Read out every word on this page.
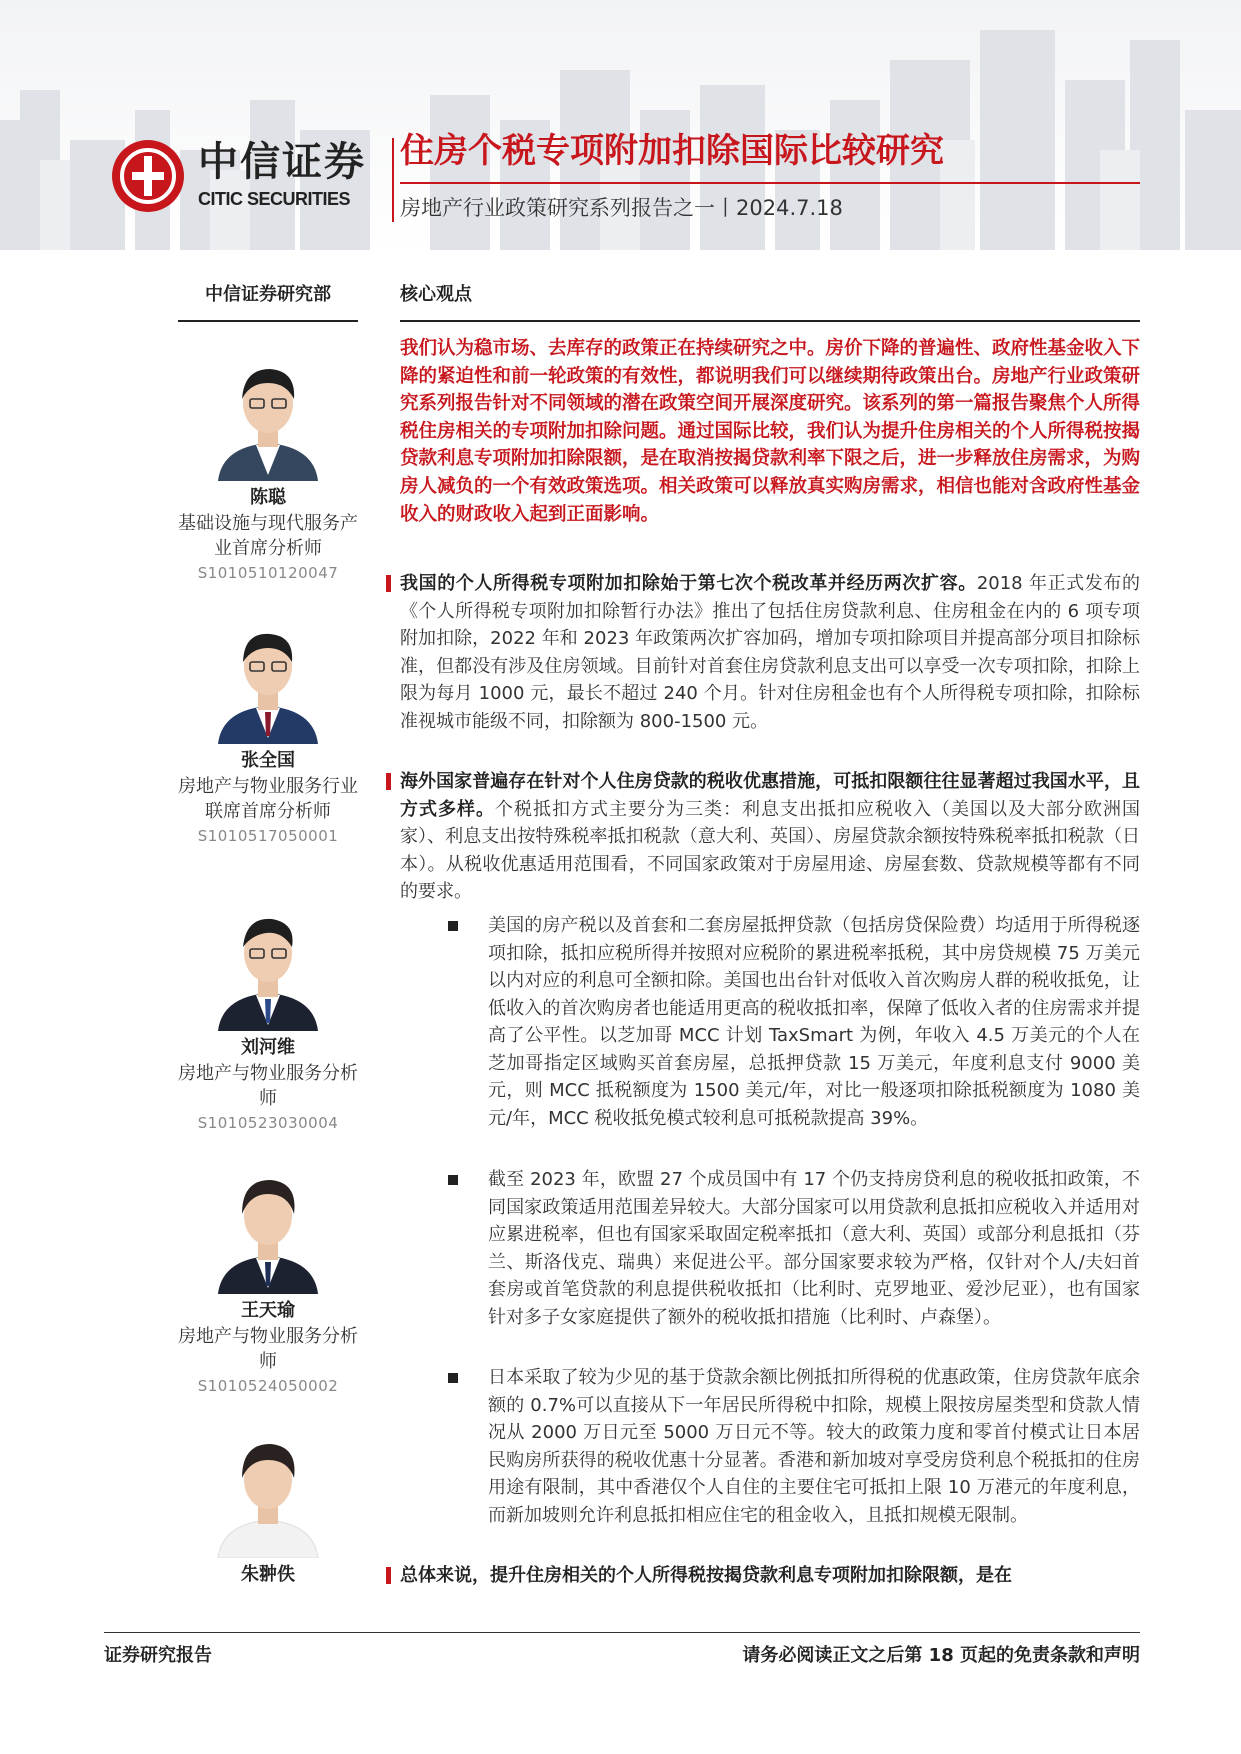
中信证券
CITIC SECURITIES
住房个税专项附加扣除国际比较研究
房地产行业政策研究系列报告之一丨2024.7.18
中信证券研究部	核心观点
陈聪
基础设施与现代服务产业首席分析师
S1010510120047
张全国
房地产与物业服务行业联席首席分析师
S1010517050001
刘河维
房地产与物业服务分析师
S1010523030004
王天瑜
房地产与物业服务分析师
S1010524050002
朱翀佚

我们认为稳市场、去库存的政策正在持续研究之中。房价下降的普遍性、政府性基金收入下降的紧迫性和前一轮政策的有效性，都说明我们可以继续期待政策出台。房地产行业政策研究系列报告针对不同领域的潜在政策空间开展深度研究。该系列的第一篇报告聚焦个人所得税住房相关的专项附加扣除问题。通过国际比较，我们认为提升住房相关的个人所得税按揭贷款利息专项附加扣除限额，是在取消按揭贷款利率下限之后，进一步释放住房需求，为购房人减负的一个有效政策选项。相关政策可以释放真实购房需求，相信也能对含政府性基金收入的财政收入起到正面影响。

我国的个人所得税专项附加扣除始于第七次个税改革并经历两次扩容。2018 年正式发布的《个人所得税专项附加扣除暂行办法》推出了包括住房贷款利息、住房租金在内的 6 项专项附加扣除，2022 年和 2023 年政策两次扩容加码，增加专项扣除项目并提高部分项目扣除标准，但都没有涉及住房领域。目前针对首套住房贷款利息支出可以享受一次专项扣除，扣除上限为每月 1000 元，最长不超过 240 个月。针对住房租金也有个人所得税专项扣除，扣除标准视城市能级不同，扣除额为 800-1500 元。

海外国家普遍存在针对个人住房贷款的税收优惠措施，可抵扣限额往往显著超过我国水平，且方式多样。个税抵扣方式主要分为三类：利息支出抵扣应税收入（美国以及大部分欧洲国家）、利息支出按特殊税率抵扣税款（意大利、英国）、房屋贷款余额按特殊税率抵扣税款（日本）。从税收优惠适用范围看，不同国家政策对于房屋用途、房屋套数、贷款规模等都有不同的要求。

美国的房产税以及首套和二套房屋抵押贷款（包括房贷保险费）均适用于所得税逐项扣除，抵扣应税所得并按照对应税阶的累进税率抵税，其中房贷规模 75 万美元以内对应的利息可全额扣除。美国也出台针对低收入首次购房人群的税收抵免，让低收入的首次购房者也能适用更高的税收抵扣率，保障了低收入者的住房需求并提高了公平性。以芝加哥 MCC 计划 TaxSmart 为例，年收入 4.5 万美元的个人在芝加哥指定区域购买首套房屋，总抵押贷款 15 万美元，年度利息支付 9000 美元，则 MCC 抵税额度为 1500 美元/年，对比一般逐项扣除抵税额度为 1080 美元/年，MCC 税收抵免模式较利息可抵税款提高 39%。

截至 2023 年，欧盟 27 个成员国中有 17 个仍支持房贷利息的税收抵扣政策，不同国家政策适用范围差异较大。大部分国家可以用贷款利息抵扣应税收入并适用对应累进税率，但也有国家采取固定税率抵扣（意大利、英国）或部分利息抵扣（芬兰、斯洛伐克、瑞典）来促进公平。部分国家要求较为严格，仅针对个人/夫妇首套房或首笔贷款的利息提供税收抵扣（比利时、克罗地亚、爱沙尼亚），也有国家针对多子女家庭提供了额外的税收抵扣措施（比利时、卢森堡）。

日本采取了较为少见的基于贷款余额比例抵扣所得税的优惠政策，住房贷款年底余额的 0.7%可以直接从下一年居民所得税中扣除，规模上限按房屋类型和贷款人情况从 2000 万日元至 5000 万日元不等。较大的政策力度和零首付模式让日本居民购房所获得的税收优惠十分显著。香港和新加坡对享受房贷利息个税抵扣的住房用途有限制，其中香港仅个人自住的主要住宅可抵扣上限 10 万港元的年度利息，而新加坡则允许利息抵扣相应住宅的租金收入，且抵扣规模无限制。

总体来说，提升住房相关的个人所得税按揭贷款利息专项附加扣除限额，是在

证券研究报告	请务必阅读正文之后第 18 页起的免责条款和声明
